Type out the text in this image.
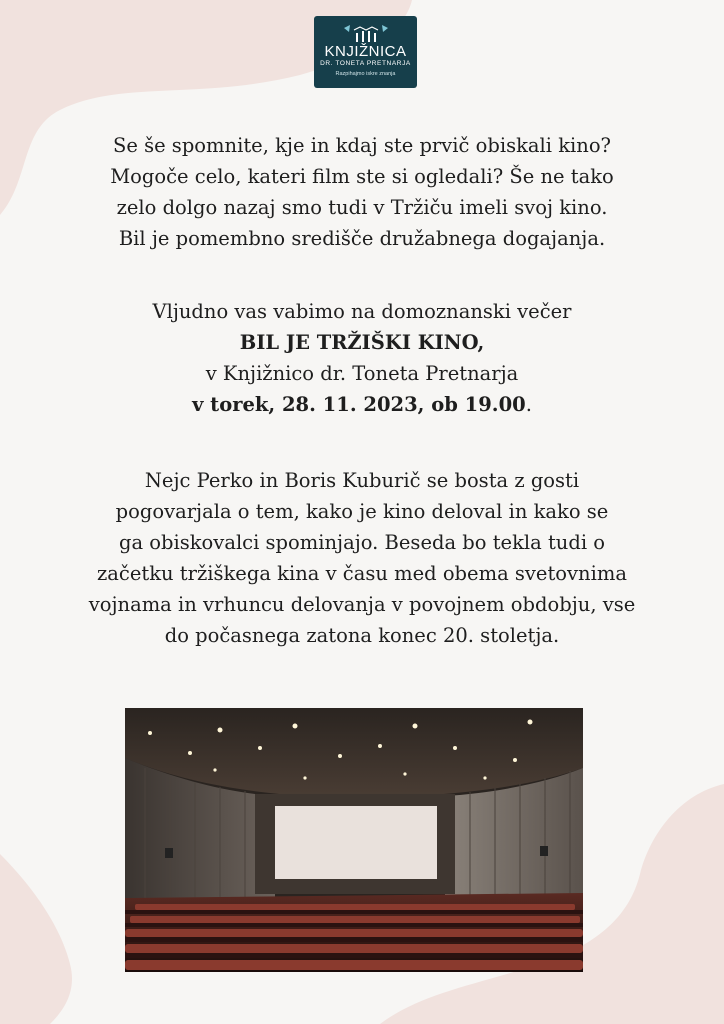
KNJIŽNICA
DR. TONETA PRETNARJA
Razpihajmo iskre znanja
Se še spomnite, kje in kdaj ste prvič obiskali kino?
Mogoče celo, kateri film ste si ogledali? Še ne tako
zelo dolgo nazaj smo tudi v Tržiču imeli svoj kino.
Bil je pomembno središče družabnega dogajanja.
Vljudno vas vabimo na domoznanski večer
BIL JE TRŽIŠKI KINO,
v Knjižnico dr. Toneta Pretnarja
v torek, 28. 11. 2023, ob 19.00.
Nejc Perko in Boris Kuburič se bosta z gosti
pogovarjala o tem, kako je kino deloval in kako se
ga obiskovalci spominjajo. Beseda bo tekla tudi o
začetku tržiškega kina v času med obema svetovnima
vojnama in vrhuncu delovanja v povojnem obdobju, vse
do počasnega zatona konec 20. stoletja.
